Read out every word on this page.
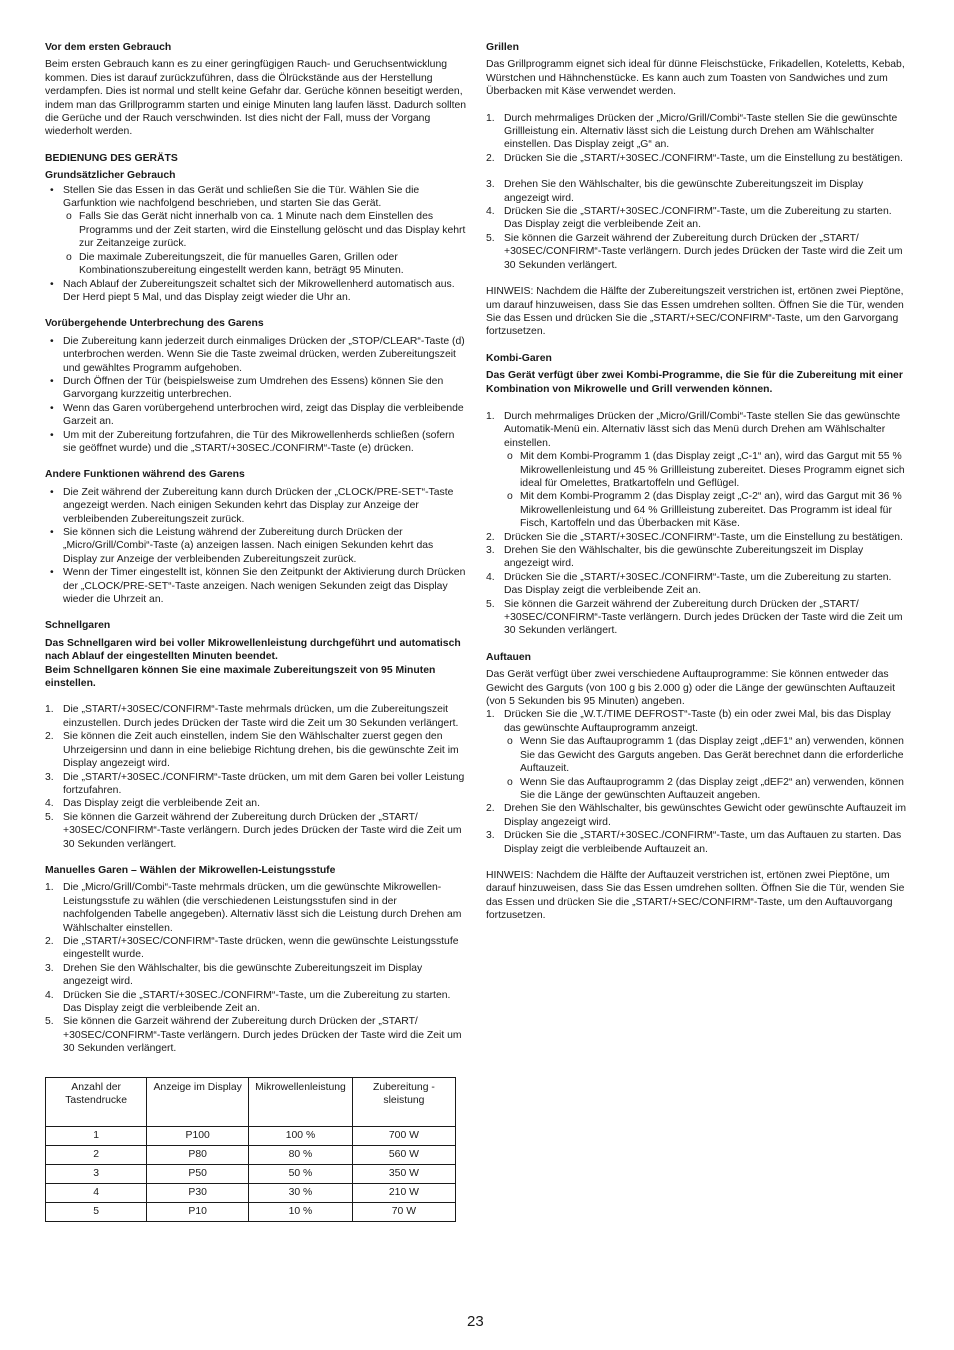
Vor dem ersten Gebrauch

Beim ersten Gebrauch kann es zu einer geringfügigen Rauch- und Geruchsentwicklung kommen. Dies ist darauf zurückzuführen, dass die Ölrückstände aus der Herstellung verdampfen. Dies ist normal und stellt keine Gefahr dar. Gerüche können beseitigt werden, indem man das Grillprogramm starten und einige Minuten lang laufen lässt. Dadurch sollten die Gerüche und der Rauch verschwinden. Ist dies nicht der Fall, muss der Vorgang wiederholt werden.

BEDIENUNG DES GERÄTS
Grundsätzlicher Gebrauch
• Stellen Sie das Essen in das Gerät und schließen Sie die Tür. Wählen Sie die Garfunktion wie nachfolgend beschrieben, und starten Sie das Gerät.
o Falls Sie das Gerät nicht innerhalb von ca. 1 Minute nach dem Einstellen des Programms und der Zeit starten, wird die Einstellung gelöscht und das Display kehrt zur Zeitanzeige zurück.
o Die maximale Zubereitungszeit, die für manuelles Garen, Grillen oder Kombinationszubereitung eingestellt werden kann, beträgt 95 Minuten.
• Nach Ablauf der Zubereitungszeit schaltet sich der Mikrowellenherd automatisch aus. Der Herd piept 5 Mal, und das Display zeigt wieder die Uhr an.
Vorübergehende Unterbrechung des Garens
• Die Zubereitung kann jederzeit durch einmaliges Drücken der „STOP/CLEAR“-Taste (d) unterbrochen werden. Wenn Sie die Taste zweimal drücken, werden Zubereitungszeit und gewähltes Programm aufgehoben.
• Durch Öffnen der Tür (beispielsweise zum Umdrehen des Essens) können Sie den Garvorgang kurzzeitig unterbrechen.
• Wenn das Garen vorübergehend unterbrochen wird, zeigt das Display die verbleibende Garzeit an.
• Um mit der Zubereitung fortzufahren, die Tür des Mikrowellenherds schließen (sofern sie geöffnet wurde) und die „START/+30SEC./CONFIRM“-Taste (e) drücken.
Andere Funktionen während des Garens
• Die Zeit während der Zubereitung kann durch Drücken der „CLOCK/PRE-SET“-Taste angezeigt werden. Nach einigen Sekunden kehrt das Display zur Anzeige der verbleibenden Zubereitungszeit zurück.
• Sie können sich die Leistung während der Zubereitung durch Drücken der „Micro/Grill/Combi“-Taste (a) anzeigen lassen. Nach einigen Sekunden kehrt das Display zur Anzeige der verbleibenden Zubereitungszeit zurück.
• Wenn der Timer eingestellt ist, können Sie den Zeitpunkt der Aktivierung durch Drücken der „CLOCK/PRE-SET“-Taste anzeigen. Nach wenigen Sekunden zeigt das Display wieder die Uhrzeit an.
Schnellgaren
Das Schnellgaren wird bei voller Mikrowellenleistung durchgeführt und automatisch nach Ablauf der eingestellten Minuten beendet.
Beim Schnellgaren können Sie eine maximale Zubereitungszeit von 95 Minuten einstellen.
1. Die „START/+30SEC/CONFIRM“-Taste mehrmals drücken, um die Zubereitungszeit einzustellen. Durch jedes Drücken der Taste wird die Zeit um 30 Sekunden verlängert.
2. Sie können die Zeit auch einstellen, indem Sie den Wählschalter zuerst gegen den Uhrzeigersinn und dann in eine beliebige Richtung drehen, bis die gewünschte Zeit im Display angezeigt wird.
3. Die „START/+30SEC./CONFIRM“-Taste drücken, um mit dem Garen bei voller Leistung fortzufahren.
4. Das Display zeigt die verbleibende Zeit an.
5. Sie können die Garzeit während der Zubereitung durch Drücken der „START/ +30SEC/CONFIRM“-Taste verlängern. Durch jedes Drücken der Taste wird die Zeit um 30 Sekunden verlängert.
Manuelles Garen – Wählen der Mikrowellen-Leistungsstufe
1. Die „Micro/Grill/Combi“-Taste mehrmals drücken, um die gewünschte Mikrowellen-Leistungsstufe zu wählen (die verschiedenen Leistungsstufen sind in der nachfolgenden Tabelle angegeben). Alternativ lässt sich die Leistung durch Drehen am Wählschalter einstellen.
2. Die „START/+30SEC/CONFIRM“-Taste drücken, wenn die gewünschte Leistungsstufe eingestellt wurde.
3. Drehen Sie den Wählschalter, bis die gewünschte Zubereitungszeit im Display angezeigt wird.
4. Drücken Sie die „START/+30SEC./CONFIRM“-Taste, um die Zubereitung zu starten. Das Display zeigt die verbleibende Zeit an.
5. Sie können die Garzeit während der Zubereitung durch Drücken der „START/ +30SEC/CONFIRM“-Taste verlängern. Durch jedes Drücken der Taste wird die Zeit um 30 Sekunden verlängert.
Anzahl der Tastendrucke	Anzeige im Display	Mikrowellenleistung	Zubereitung -sleistung
1	P100	100 %	700 W
2	P80	80 %	560 W
3	P50	50 %	350 W
4	P30	30 %	210 W
5	P10	10 %	70 W
Grillen

Das Grillprogramm eignet sich ideal für dünne Fleischstücke, Frikadellen, Koteletts, Kebab, Würstchen und Hähnchenstücke. Es kann auch zum Toasten von Sandwiches und zum Überbacken mit Käse verwendet werden.

1. Durch mehrmaliges Drücken der „Micro/Grill/Combi“-Taste stellen Sie die gewünschte Grillleistung ein. Alternativ lässt sich die Leistung durch Drehen am Wählschalter einstellen. Das Display zeigt „G“ an.
2. Drücken Sie die „START/+30SEC./CONFIRM“-Taste, um die Einstellung zu bestätigen.
3. Drehen Sie den Wählschalter, bis die gewünschte Zubereitungszeit im Display angezeigt wird.
4. Drücken Sie die „START/+30SEC./CONFIRM"-Taste, um die Zubereitung zu starten. Das Display zeigt die verbleibende Zeit an.
5. Sie können die Garzeit während der Zubereitung durch Drücken der „START/ +30SEC/CONFIRM“-Taste verlängern. Durch jedes Drücken der Taste wird die Zeit um 30 Sekunden verlängert.

HINWEIS: Nachdem die Hälfte der Zubereitungszeit verstrichen ist, ertönen zwei Pieptöne, um darauf hinzuweisen, dass Sie das Essen umdrehen sollten. Öffnen Sie die Tür, wenden Sie das Essen und drücken Sie die „START/+SEC/CONFIRM“-Taste, um den Garvorgang fortzusetzen.

Kombi-Garen

Das Gerät verfügt über zwei Kombi-Programme, die Sie für die Zubereitung mit einer Kombination von Mikrowelle und Grill verwenden können.

1. Durch mehrmaliges Drücken der „Micro/Grill/Combi“-Taste stellen Sie das gewünschte Automatik-Menü ein. Alternativ lässt sich das Menü durch Drehen am Wählschalter einstellen.
o Mit dem Kombi-Programm 1 (das Display zeigt „C-1“ an), wird das Gargut mit 55 % Mikrowellenleistung und 45 % Grillleistung zubereitet. Dieses Programm eignet sich ideal für Omelettes, Bratkartoffeln und Geflügel.
o Mit dem Kombi-Programm 2 (das Display zeigt „C-2“ an), wird das Gargut mit 36 % Mikrowellenleistung und 64 % Grillleistung zubereitet. Das Programm ist ideal für Fisch, Kartoffeln und das Überbacken mit Käse.
2. Drücken Sie die „START/+30SEC./CONFIRM“-Taste, um die Einstellung zu bestätigen.
3. Drehen Sie den Wählschalter, bis die gewünschte Zubereitungszeit im Display angezeigt wird.
4. Drücken Sie die „START/+30SEC./CONFIRM“-Taste, um die Zubereitung zu starten. Das Display zeigt die verbleibende Zeit an.
5. Sie können die Garzeit während der Zubereitung durch Drücken der „START/ +30SEC/CONFIRM“-Taste verlängern. Durch jedes Drücken der Taste wird die Zeit um 30 Sekunden verlängert.
Auftauen
Das Gerät verfügt über zwei verschiedene Auftauprogramme: Sie können entweder das Gewicht des Garguts (von 100 g bis 2.000 g) oder die Länge der gewünschten Auftauzeit (von 5 Sekunden bis 95 Minuten) angeben.
1. Drücken Sie die „W.T./TIME DEFROST“-Taste (b) ein oder zwei Mal, bis das Display das gewünschte Auftauprogramm anzeigt.
o Wenn Sie das Auftauprogramm 1 (das Display zeigt „dEF1“ an) verwenden, können Sie das Gewicht des Garguts angeben. Das Gerät berechnet dann die erforderliche Auftauzeit.
o Wenn Sie das Auftauprogramm 2 (das Display zeigt „dEF2“ an) verwenden, können Sie die Länge der gewünschten Auftauzeit angeben.
2. Drehen Sie den Wählschalter, bis gewünschtes Gewicht oder gewünschte Auftauzeit im Display angezeigt wird.
3. Drücken Sie die „START/+30SEC./CONFIRM“-Taste, um das Auftauen zu starten. Das Display zeigt die verbleibende Auftauzeit an.

HINWEIS: Nachdem die Hälfte der Auftauzeit verstrichen ist, ertönen zwei Pieptöne, um darauf hinzuweisen, dass Sie das Essen umdrehen sollten. Öffnen Sie die Tür, wenden Sie das Essen und drücken Sie die „START/+SEC/CONFIRM“-Taste, um den Auftauvorgang fortzusetzen.

23
